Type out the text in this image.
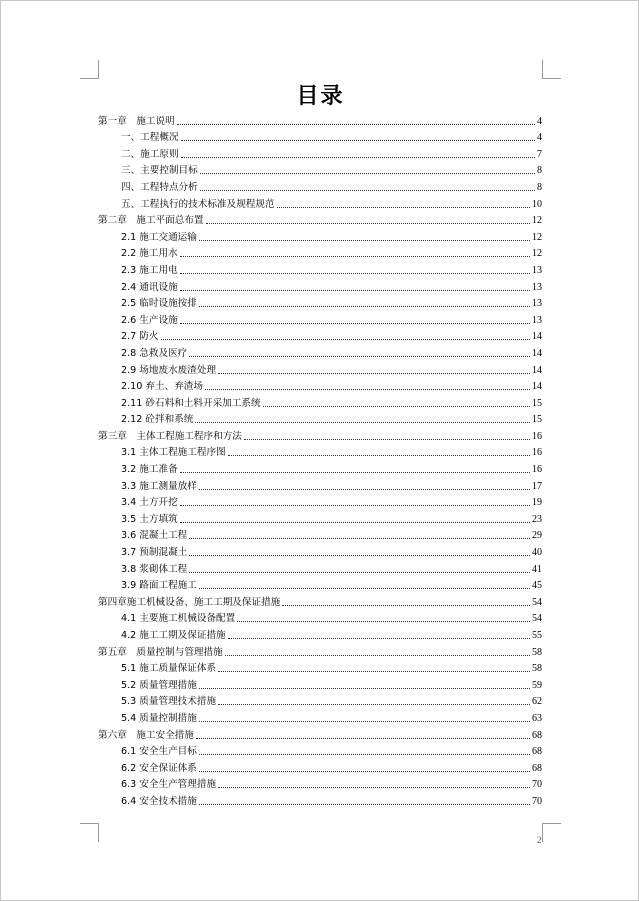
目录
第一章　施工说明	4
一、工程概况	4
二、施工原则	7
三、主要控制目标	8
四、工程特点分析	8
五、工程执行的技术标准及规程规范	10
第二章　施工平面总布置	12
2.1 施工交通运输	12
2.2 施工用水	12
2.3 施工用电	13
2.4 通讯设施	13
2.5 临时设施按排	13
2.6 生产设施	13
2.7 防火	14
2.8 急救及医疗	14
2.9 场地废水废渣处理	14
2.10 弃土、弃渣场	14
2.11 砂石料和土料开采加工系统	15
2.12 砼拌和系统	15
第三章　主体工程施工程序和方法	16
3.1 主体工程施工程序图	16
3.2 施工准备	16
3.3 施工测量放样	17
3.4 土方开挖	19
3.5 土方填筑	23
3.6 混凝土工程	29
3.7 预制混凝土	40
3.8 浆砌体工程	41
3.9 路面工程施工	45
第四章施工机械设备、施工工期及保证措施	54
4.1 主要施工机械设备配置	54
4.2 施工工期及保证措施	55
第五章　质量控制与管理措施	58
5.1 施工质量保证体系	58
5.2 质量管理措施	59
5.3 质量管理技术措施	62
5.4 质量控制措施	63
第六章　施工安全措施	68
6.1 安全生产目标	68
6.2 安全保证体系	68
6.3 安全生产管理措施	70
6.4 安全技术措施	70
2
